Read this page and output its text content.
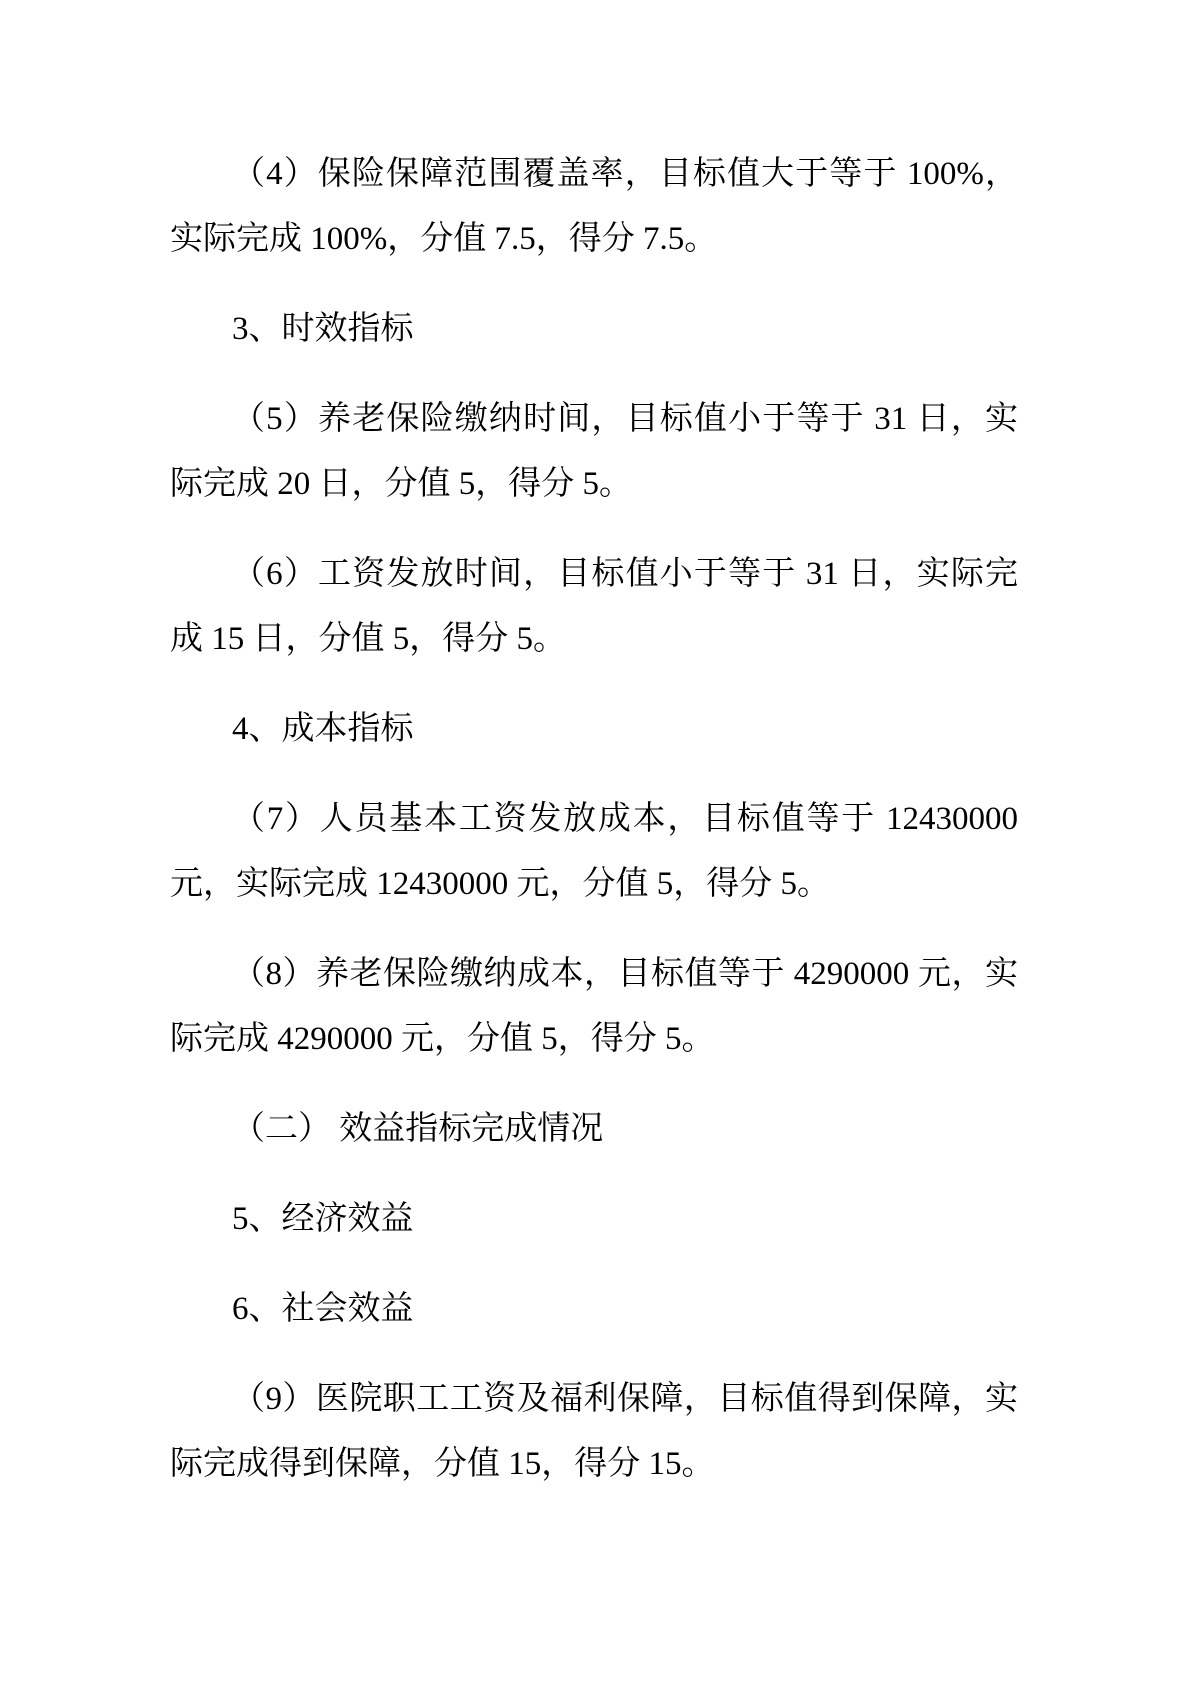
（4）保险保障范围覆盖率，目标值大于等于 100%，实际完成 100%，分值 7.5，得分 7.5。

3、时效指标

（5）养老保险缴纳时间，目标值小于等于 31 日，实际完成 20 日，分值 5，得分 5。

（6）工资发放时间，目标值小于等于 31 日，实际完成 15 日，分值 5，得分 5。

4、成本指标

（7）人员基本工资发放成本，目标值等于 12430000 元，实际完成 12430000 元，分值 5，得分 5。

（8）养老保险缴纳成本，目标值等于 4290000 元，实际完成 4290000 元，分值 5，得分 5。

（二） 效益指标完成情况

5、经济效益

6、社会效益

（9）医院职工工资及福利保障，目标值得到保障，实际完成得到保障，分值 15，得分 15。
